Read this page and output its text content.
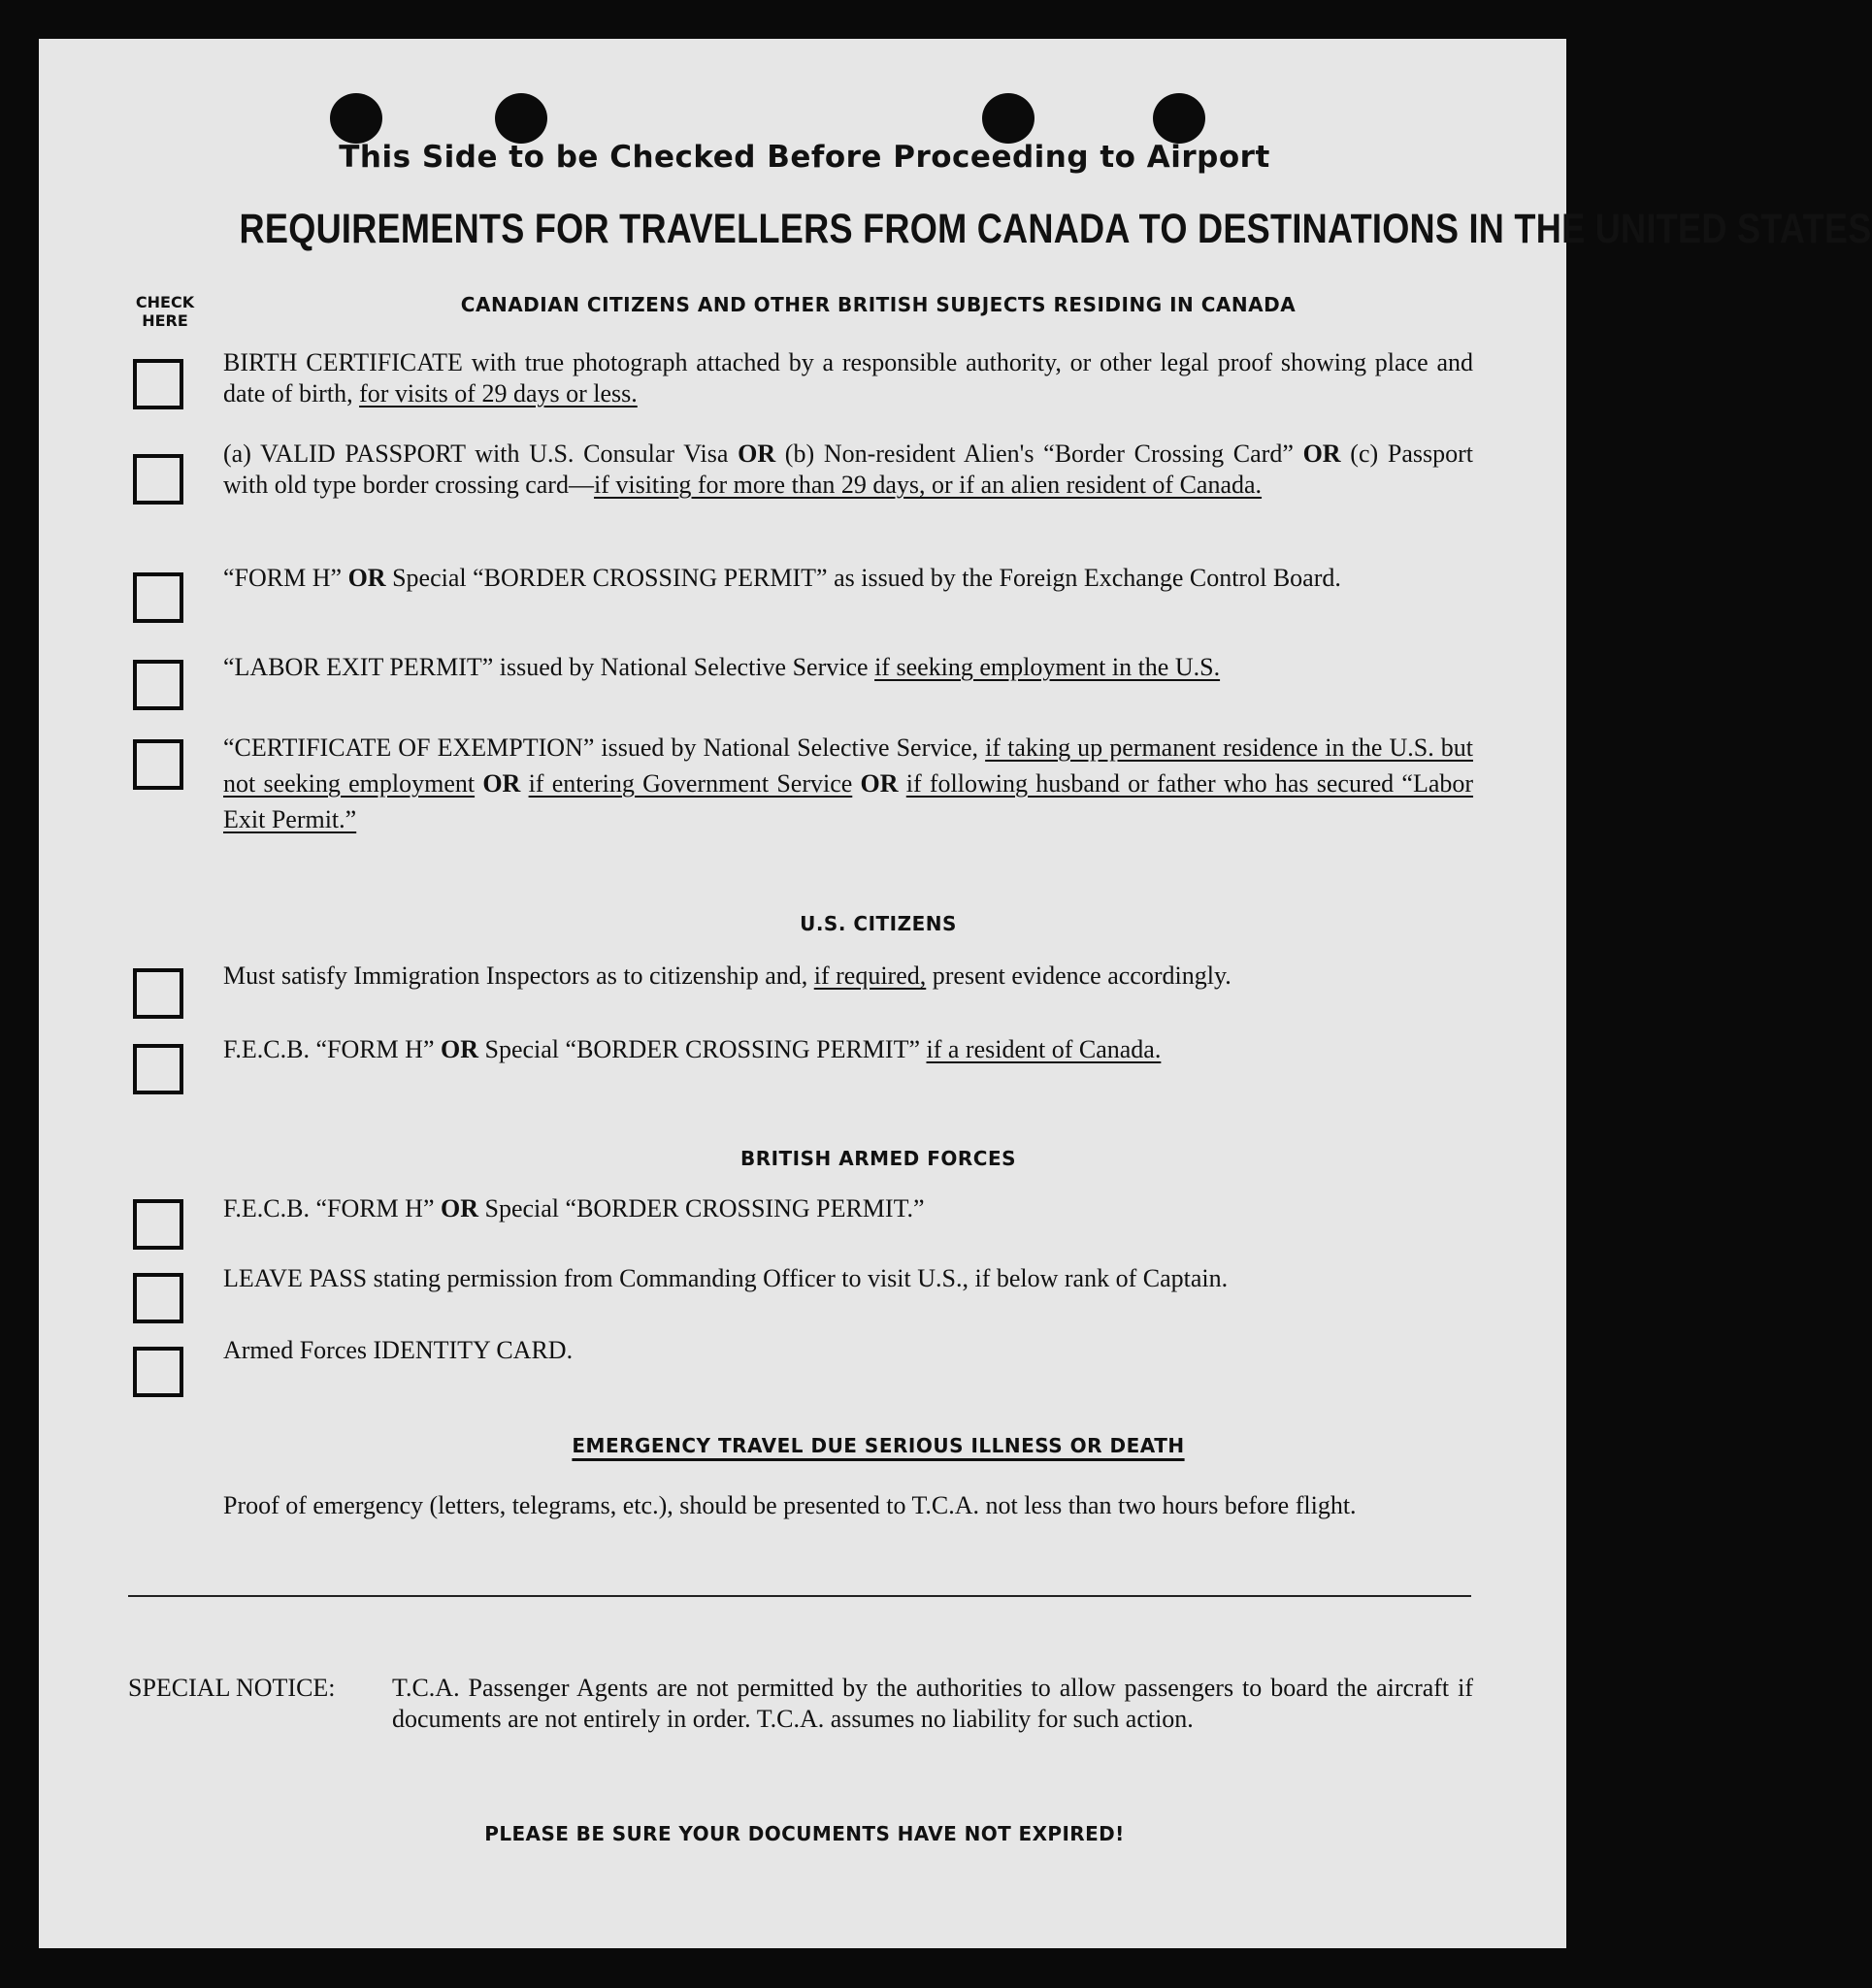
This Side to be Checked Before Proceeding to Airport
REQUIREMENTS FOR TRAVELLERS FROM CANADA TO DESTINATIONS IN THE UNITED STATES
CHECK
HERE
CANADIAN CITIZENS AND OTHER BRITISH SUBJECTS RESIDING IN CANADA
BIRTH CERTIFICATE with true photograph attached by a responsible authority, or other legal proof showing place and date of birth, for visits of 29 days or less.
(a) VALID PASSPORT with U.S. Consular Visa OR (b) Non-resident Alien's “Border Crossing Card” OR (c) Passport with old type border crossing card—if visiting for more than 29 days, or if an alien resident of Canada.
“FORM H” OR Special “BORDER CROSSING PERMIT” as issued by the Foreign Exchange Control Board.
“LABOR EXIT PERMIT” issued by National Selective Service if seeking employment in the U.S.
“CERTIFICATE OF EXEMPTION” issued by National Selective Service, if taking up permanent residence in the U.S. but not seeking employment OR if entering Government Service OR if following husband or father who has secured “Labor Exit Permit.”
U.S. CITIZENS
Must satisfy Immigration Inspectors as to citizenship and, if required, present evidence accordingly.
F.E.C.B. “FORM H” OR Special “BORDER CROSSING PERMIT” if a resident of Canada.
BRITISH ARMED FORCES
F.E.C.B. “FORM H” OR Special “BORDER CROSSING PERMIT.”
LEAVE PASS stating permission from Commanding Officer to visit U.S., if below rank of Captain.
Armed Forces IDENTITY CARD.
EMERGENCY TRAVEL DUE SERIOUS ILLNESS OR DEATH
Proof of emergency (letters, telegrams, etc.), should be presented to T.C.A. not less than two hours before flight.
SPECIAL NOTICE: T.C.A. Passenger Agents are not permitted by the authorities to allow passengers to board the aircraft if documents are not entirely in order. T.C.A. assumes no liability for such action.
PLEASE BE SURE YOUR DOCUMENTS HAVE NOT EXPIRED!
